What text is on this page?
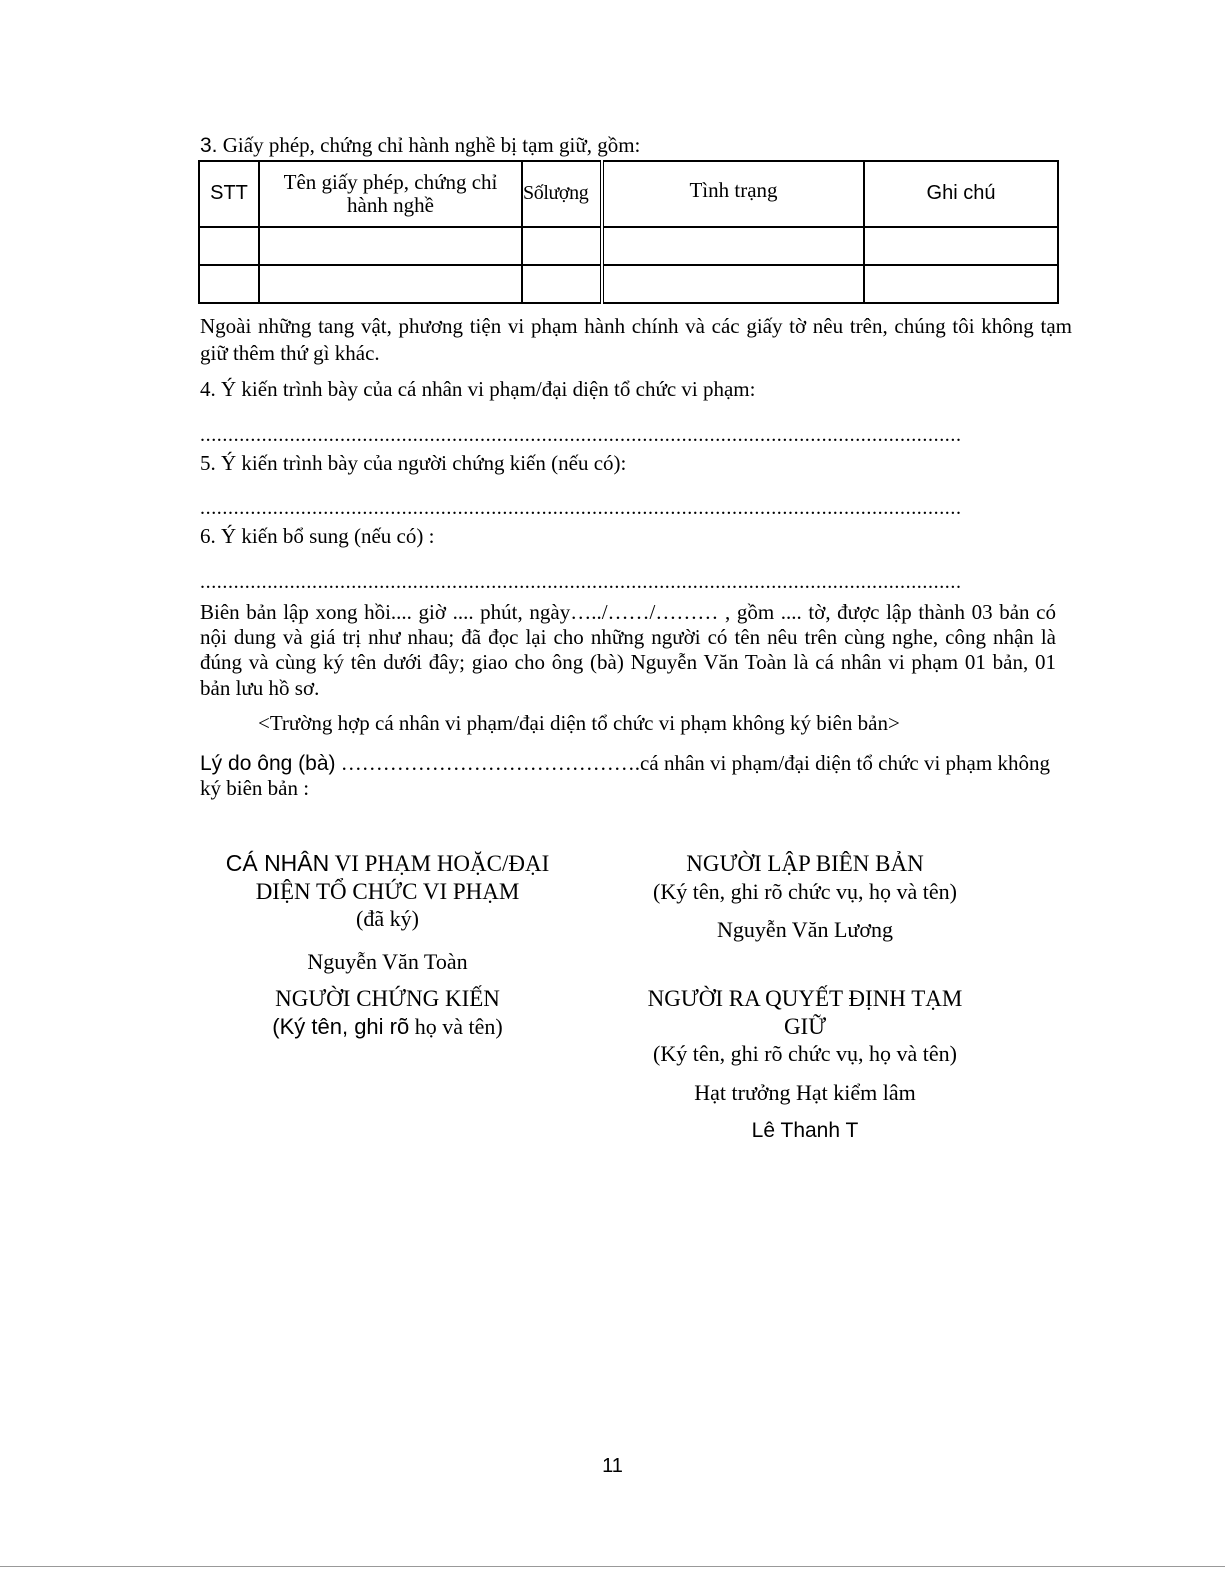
3. Giấy phép, chứng chỉ hành nghề bị tạm giữ, gồm:
STT	Tên giấy phép, chứng chỉ hành nghề	Sốlượng	Tình trạng	Ghi chú

Ngoài những tang vật, phương tiện vi phạm hành chính và các giấy tờ nêu trên, chúng tôi không tạm giữ thêm thứ gì khác.
4. Ý kiến trình bày của cá nhân vi phạm/đại diện tổ chức vi phạm:
........................................................................................................................................
5. Ý kiến trình bày của người chứng kiến (nếu có):
........................................................................................................................................
6. Ý kiến bổ sung (nếu có) :
........................................................................................................................................
Biên bản lập xong hồi.... giờ .... phút, ngày…../……/……… , gồm .... tờ, được lập thành 03 bản có nội dung và giá trị như nhau; đã đọc lại cho những người có tên nêu trên cùng nghe, công nhận là đúng và cùng ký tên dưới đây; giao cho ông (bà) Nguyễn Văn Toàn là cá nhân vi phạm 01 bản, 01 bản lưu hồ sơ.
<Trường hợp cá nhân vi phạm/đại diện tổ chức vi phạm không ký biên bản>
Lý do ông (bà) …………………………………….cá nhân vi phạm/đại diện tổ chức vi phạm không ký biên bản :
CÁ NHÂN VI PHẠM HOẶC/ĐẠI DIỆN TỔ CHỨC VI PHẠM
(đã ký)
Nguyễn Văn Toàn
NGƯỜI CHỨNG KIẾN
(Ký tên, ghi rõ họ và tên)
NGƯỜI LẬP BIÊN BẢN
(Ký tên, ghi rõ chức vụ, họ và tên)
Nguyễn Văn Lương
NGƯỜI RA QUYẾT ĐỊNH TẠM GIỮ
(Ký tên, ghi rõ chức vụ, họ và tên)
Hạt trưởng Hạt kiểm lâm
Lê Thanh T
11
